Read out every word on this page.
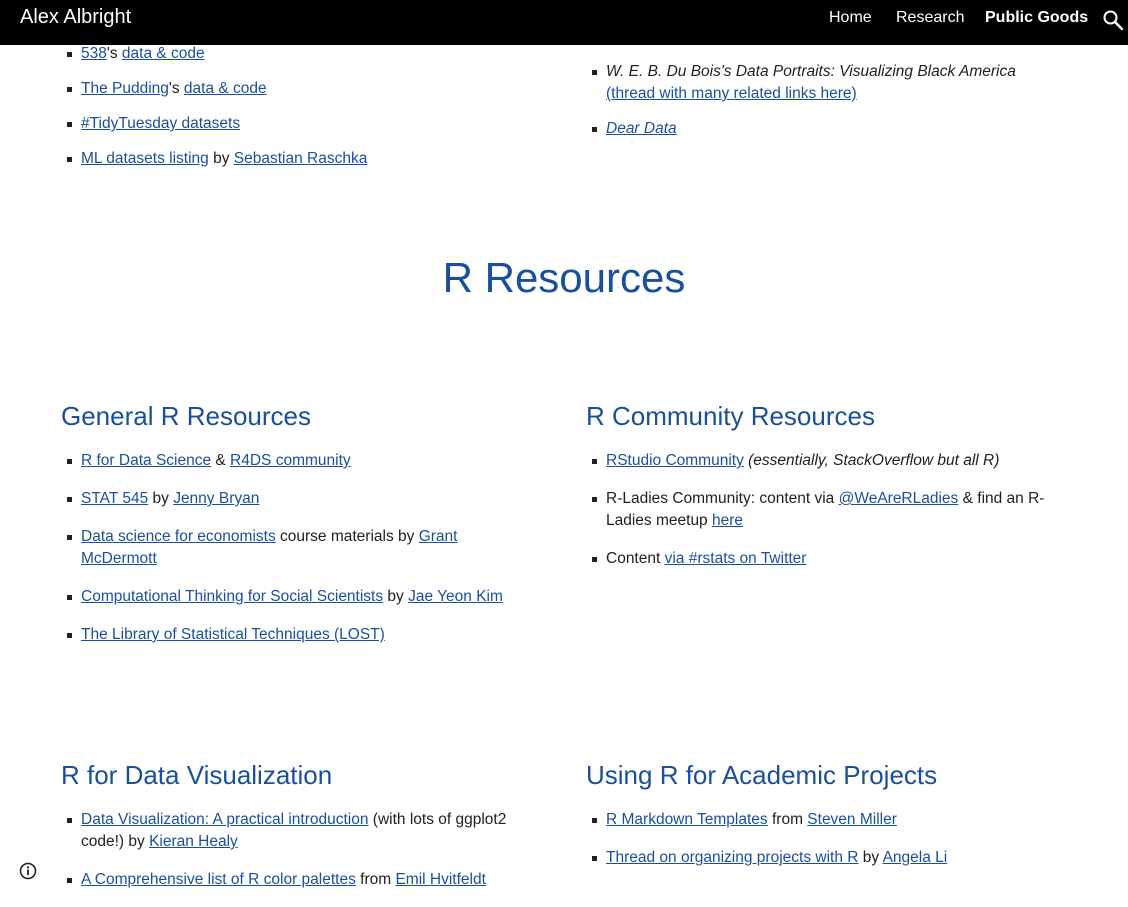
Alex Albright	Home Research Public Goods
538's data & code
The Pudding's data & code
#TidyTuesday datasets
ML datasets listing by Sebastian Raschka
W. E. B. Du Bois's Data Portraits: Visualizing Black America (thread with many related links here)
Dear Data
R Resources
General R Resources
R for Data Science & R4DS community
STAT 545 by Jenny Bryan
Data science for economists course materials by Grant McDermott
Computational Thinking for Social Scientists by Jae Yeon Kim
The Library of Statistical Techniques (LOST)
R Community Resources
RStudio Community (essentially, StackOverflow but all R)
R-Ladies Community: content via @WeAreRLadies & find an R-Ladies meetup here
Content via #rstats on Twitter
R for Data Visualization
Data Visualization: A practical introduction (with lots of ggplot2 code!) by Kieran Healy
A Comprehensive list of R color palettes from Emil Hvitfeldt
Using R for Academic Projects
R Markdown Templates from Steven Miller
Thread on organizing projects with R by Angela Li
